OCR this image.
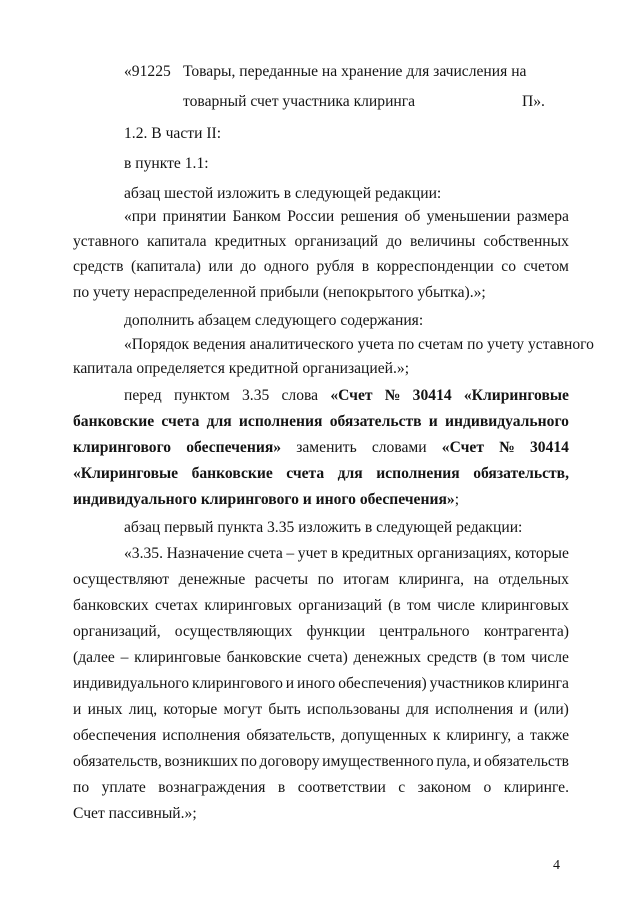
«91225 Товары, переданные на хранение для зачисления на
товарный счет участника клиринга	П».
1.2. В части II:
в пункте 1.1:
абзац шестой изложить в следующей редакции:
«при принятии Банком России решения об уменьшении размера
уставного капитала кредитных организаций до величины собственных
средств (капитала) или до одного рубля в корреспонденции со счетом
по учету нераспределенной прибыли (непокрытого убытка).»;
дополнить абзацем следующего содержания:
«Порядок ведения аналитического учета по счетам по учету уставного
капитала определяется кредитной организацией.»;
перед пунктом 3.35 слова «Счет № 30414 «Клиринговые
банковские счета для исполнения обязательств и индивидуального
клирингового обеспечения» заменить словами «Счет № 30414
«Клиринговые банковские счета для исполнения обязательств,
индивидуального клирингового и иного обеспечения»;
абзац первый пункта 3.35 изложить в следующей редакции:
«3.35. Назначение счета – учет в кредитных организациях, которые
осуществляют денежные расчеты по итогам клиринга, на отдельных
банковских счетах клиринговых организаций (в том числе клиринговых
организаций, осуществляющих функции центрального контрагента)
(далее – клиринговые банковские счета) денежных средств (в том числе
индивидуального клирингового и иного обеспечения) участников клиринга
и иных лиц, которые могут быть использованы для исполнения и (или)
обеспечения исполнения обязательств, допущенных к клирингу, а также
обязательств, возникших по договору имущественного пула, и обязательств
по уплате вознаграждения в соответствии с законом о клиринге.
Счет пассивный.»;
4
